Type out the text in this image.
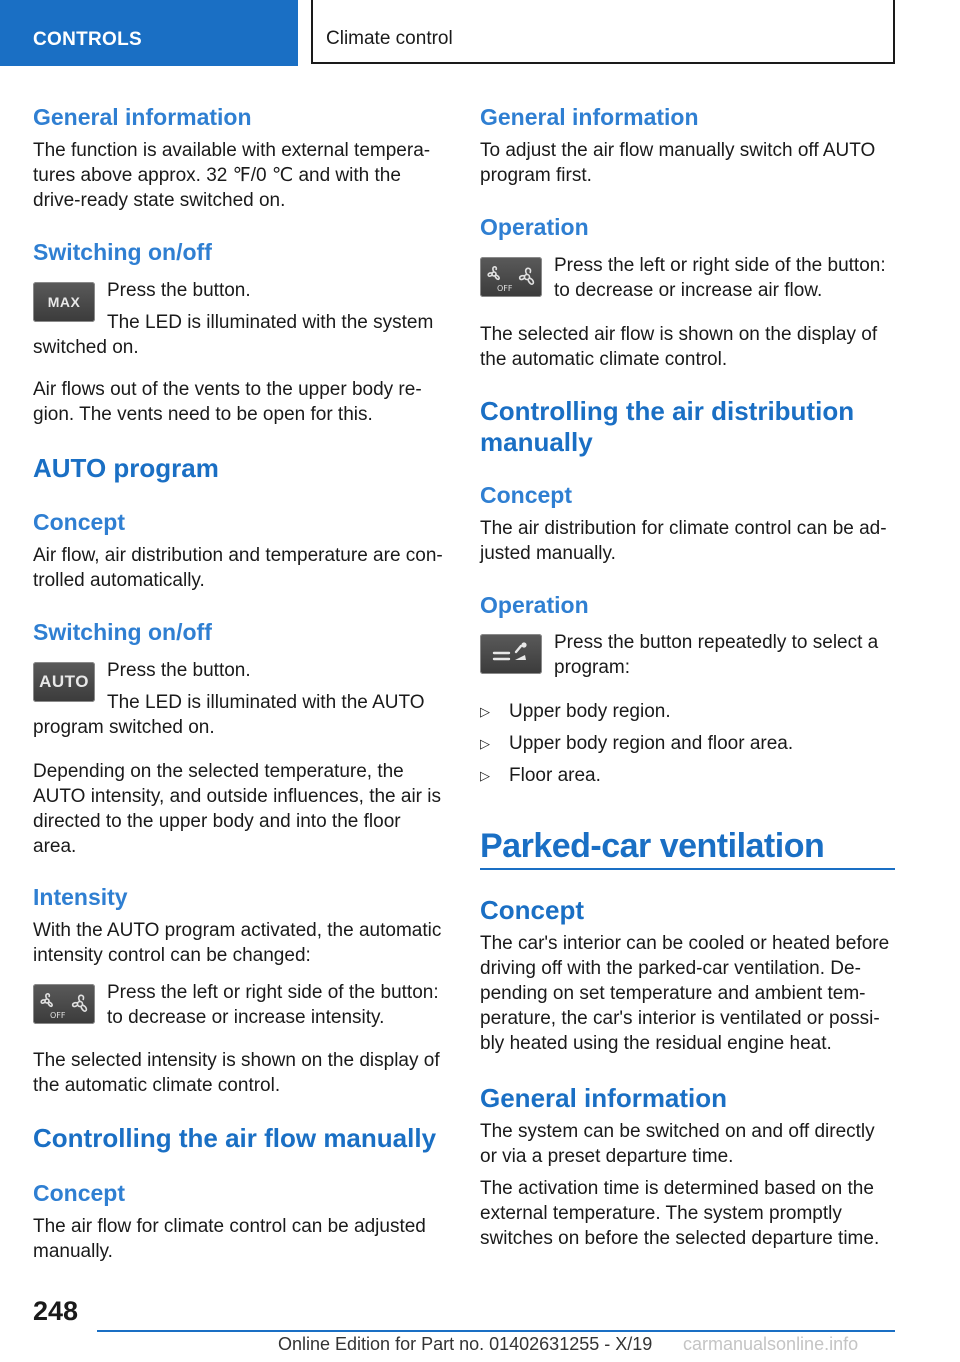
CONTROLS	Climate control
General information

The function is available with external tempera-

tures above approx. 32 ℉/0 ℃ and with the

drive-ready state switched on.

Switching on/off
MAX

Press the button.

The LED is illuminated with the system

switched on.

Air flows out of the vents to the upper body re-

gion. The vents need to be open for this.

AUTO program
Concept

Air flow, air distribution and temperature are con-

trolled automatically.

Switching on/off
AUTO

Press the button.

The LED is illuminated with the AUTO

program switched on.

Depending on the selected temperature, the

AUTO intensity, and outside influences, the air is

directed to the upper body and into the floor

area.

Intensity

With the AUTO program activated, the automatic

intensity control can be changed:

OFF

Press the left or right side of the button:

to decrease or increase intensity.

The selected intensity is shown on the display of

the automatic climate control.

Controlling the air flow manually
Concept

The air flow for climate control can be adjusted

manually.

General information

To adjust the air flow manually switch off AUTO

program first.

Operation
OFF

Press the left or right side of the button:

to decrease or increase air flow.

The selected air flow is shown on the display of

the automatic climate control.

Controlling the air distribution
manually
Concept

The air distribution for climate control can be ad-

justed manually.

Operation

Press the button repeatedly to select a

program:

▷ Upper body region.
▷ Upper body region and floor area.
▷ Floor area.
Parked-car ventilation
Concept

The car's interior can be cooled or heated before

driving off with the parked-car ventilation. De-

pending on set temperature and ambient tem-

perature, the car's interior is ventilated or possi-

bly heated using the residual engine heat.

General information

The system can be switched on and off directly

or via a preset departure time.

The activation time is determined based on the

external temperature. The system promptly

switches on before the selected departure time.

248
Online Edition for Part no. 01402631255 - X/19 carmanualsonline.info
